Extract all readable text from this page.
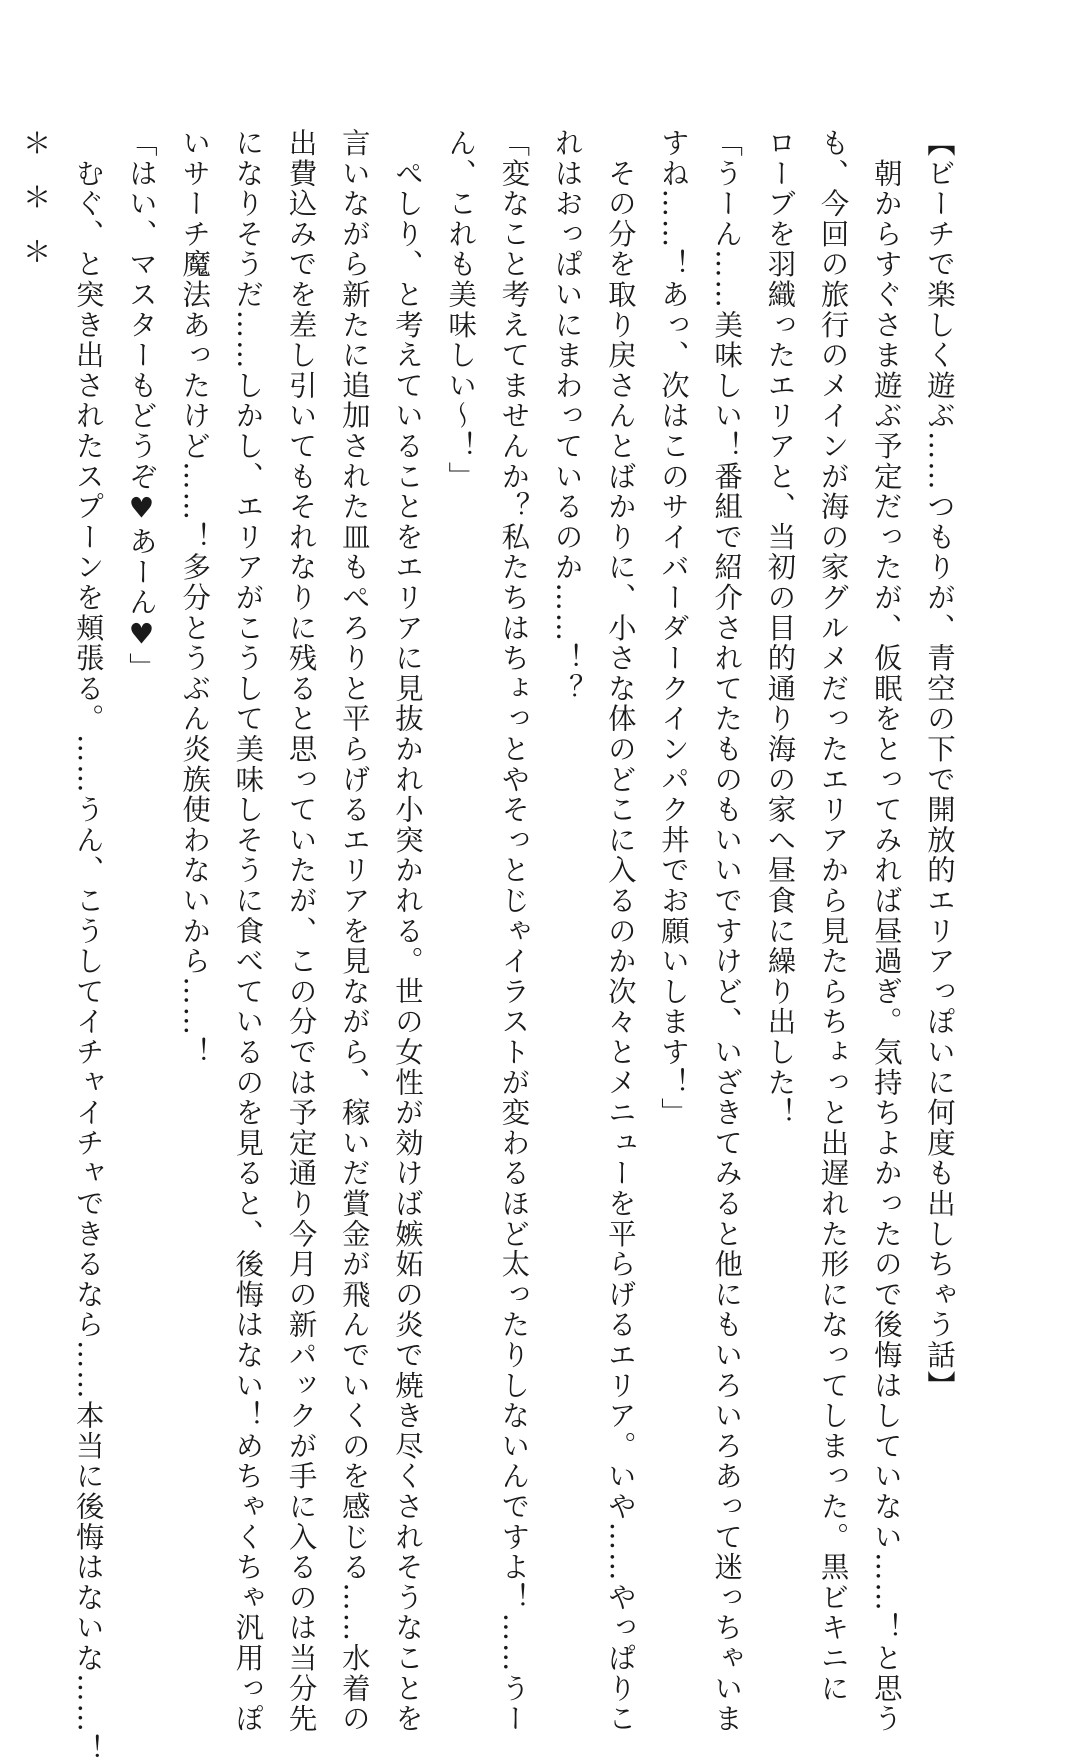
【ビーチで楽しく遊ぶ……つもりが、青空の下で開放的エリアっぽいに何度も出しちゃう話】

　朝からすぐさま遊ぶ予定だったが、仮眠をとってみれば昼過ぎ。気持ちよかったので後悔はしていない……！と思う

も、今回の旅行のメインが海の家グルメだったエリアから見たらちょっと出遅れた形になってしまった。黒ビキニに

ローブを羽織ったエリアと、当初の目的通り海の家へ昼食に繰り出した！

「うーん……美味しい！番組で紹介されてたものもいいですけど、いざきてみると他にもいろいろあって迷っちゃいま

すね……！あっ、次はこのサイバーダークインパク丼でお願いします！」

　その分を取り戻さんとばかりに、小さな体のどこに入るのか次々とメニューを平らげるエリア。いや……やっぱりこ

れはおっぱいにまわっているのか……！？

「変なこと考えてませんか？私たちはちょっとやそっとじゃイラストが変わるほど太ったりしないんですよ！……うー

ん、これも美味しい～！」

　ぺしり、と考えていることをエリアに見抜かれ小突かれる。世の女性が効けば嫉妬の炎で焼き尽くされそうなことを

言いながら新たに追加された皿もぺろりと平らげるエリアを見ながら、稼いだ賞金が飛んでいくのを感じる……水着の

出費込みでを差し引いてもそれなりに残ると思っていたが、この分では予定通り今月の新パックが手に入るのは当分先

になりそうだ……しかし、エリアがこうして美味しそうに食べているのを見ると、後悔はない！めちゃくちゃ汎用っぽ

いサーチ魔法あったけど……！多分とうぶん炎族使わないから……！

「はい、マスターもどうぞ♥あーん♥」

　むぐ、と突き出されたスプーンを頬張る。……うん、こうしてイチャイチャできるなら……本当に後悔はないな……！

＊＊＊
